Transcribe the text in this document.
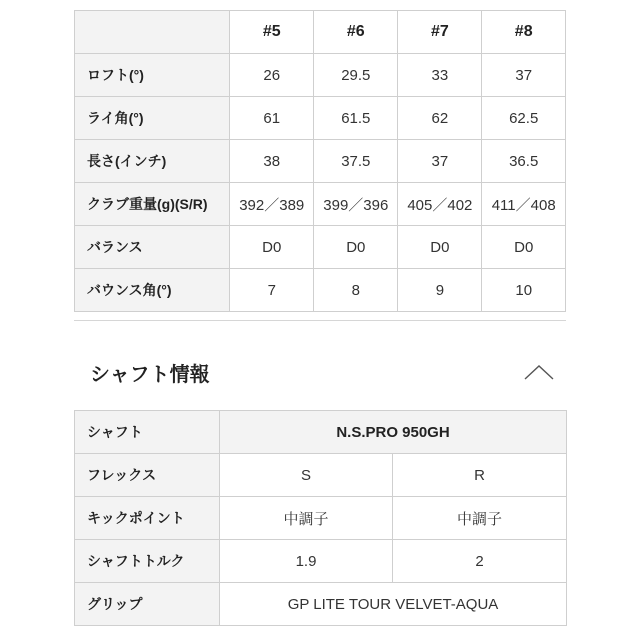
	#5	#6	#7	#8
ロフト(°)	26	29.5	33	37
ライ角(°)	61	61.5	62	62.5
長さ(インチ)	38	37.5	37	36.5
クラブ重量(g)(S/R)	392／389	399／396	405／402	411／408
バランス	D0	D0	D0	D0
バウンス角(°)	7	8	9	10
シャフト情報
シャフト	N.S.PRO 950GH	
フレックス	S	R
キックポイント	中調子	中調子
シャフトトルク	1.9	2
グリップ	GP LITE TOUR VELVET-AQUA	
